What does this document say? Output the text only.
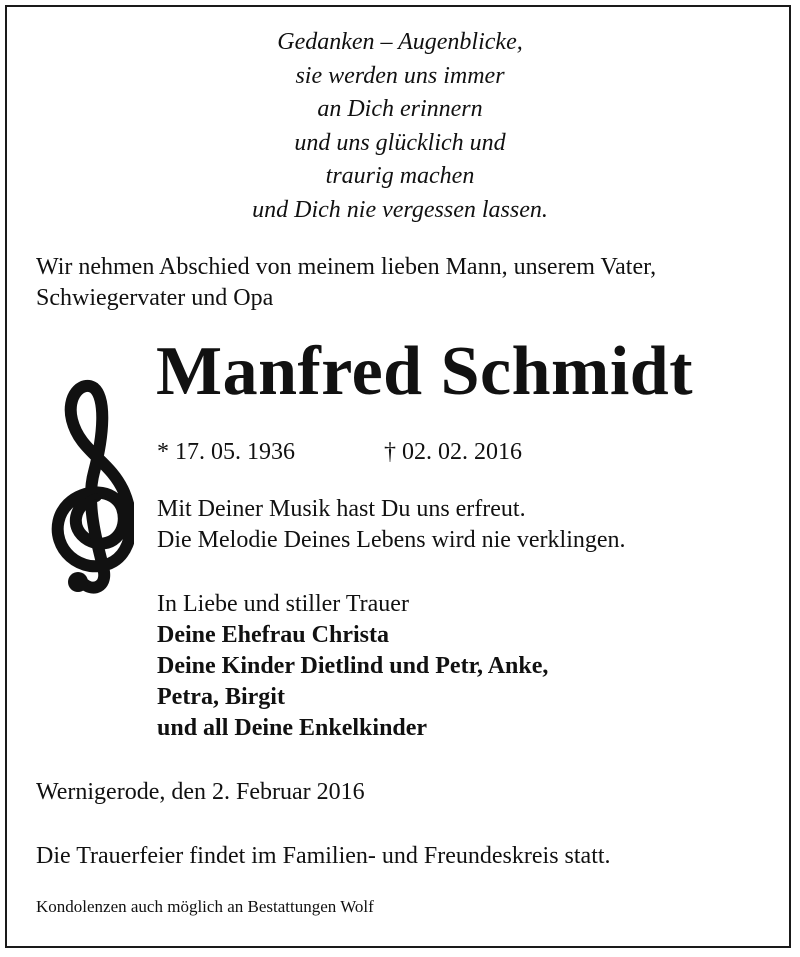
Gedanken – Augenblicke,
sie werden uns immer
an Dich erinnern
und uns glücklich und
traurig machen
und Dich nie vergessen lassen.
Wir nehmen Abschied von meinem lieben Mann, unserem Vater, Schwiegervater und Opa
Manfred Schmidt
* 17. 05. 1936	† 02. 02. 2016
Mit Deiner Musik hast Du uns erfreut.
Die Melodie Deines Lebens wird nie verklingen.
In Liebe und stiller Trauer
Deine Ehefrau Christa
Deine Kinder Dietlind und Petr, Anke,
Petra, Birgit
und all Deine Enkelkinder
Wernigerode, den 2. Februar 2016
Die Trauerfeier findet im Familien- und Freundeskreis statt.
Kondolenzen auch möglich an Bestattungen Wolf
